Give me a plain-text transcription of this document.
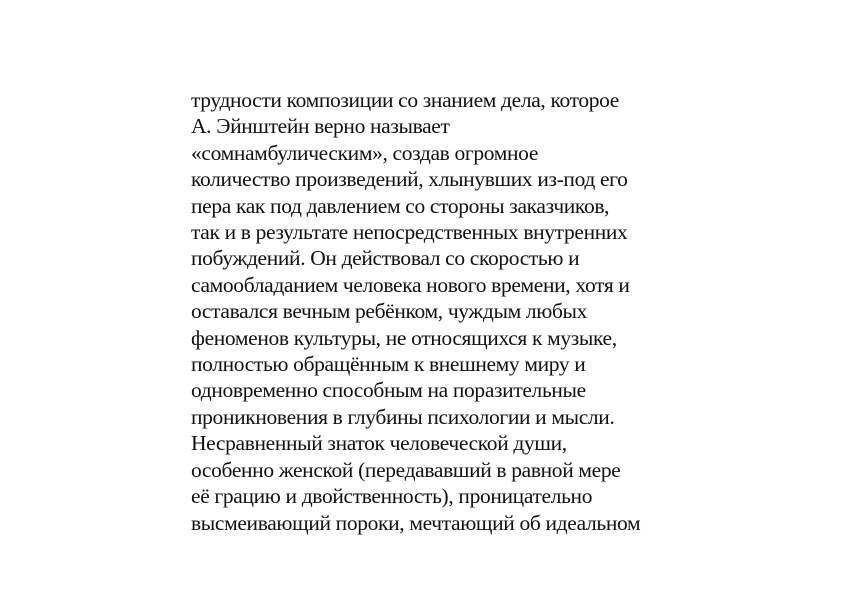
трудности композиции со знанием дела, которое
А. Эйнштейн верно называет
«сомнамбулическим», создав огромное
количество произведений, хлынувших из-под его
пера как под давлением со стороны заказчиков,
так и в результате непосредственных внутренних
побуждений. Он действовал со скоростью и
самообладанием человека нового времени, хотя и
оставался вечным ребёнком, чуждым любых
феноменов культуры, не относящихся к музыке,
полностью обращённым к внешнему миру и
одновременно способным на поразительные
проникновения в глубины психологии и мысли.
Несравненный знаток человеческой души,
особенно женской (передававший в равной мере
её грацию и двойственность), проницательно
высмеивающий пороки, мечтающий об идеальном
